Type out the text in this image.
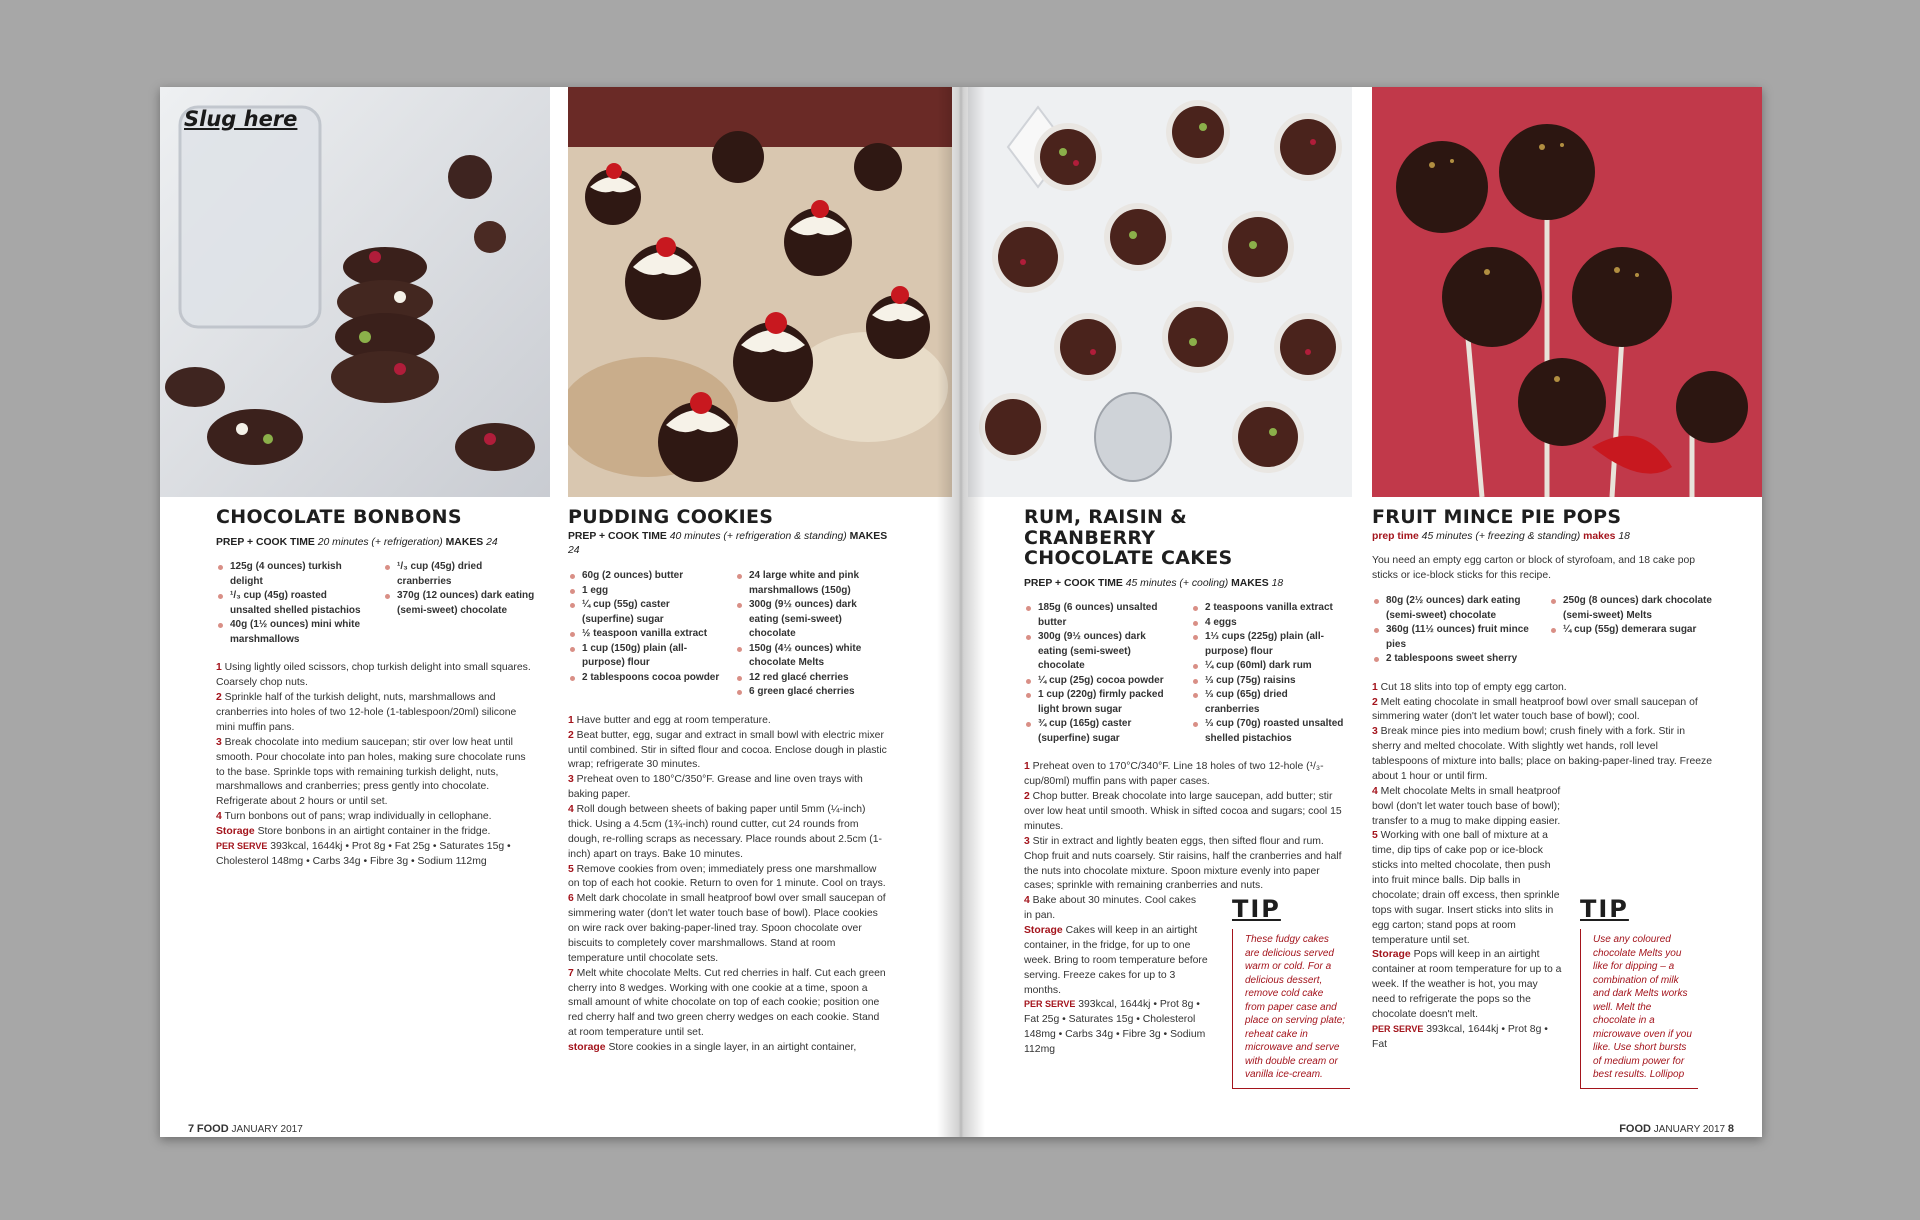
Slug here
CHOCOLATE BONBONS
PREP + COOK TIME 20 minutes (+ refrigeration) MAKES 24
125g (4 ounces) turkish delight
¹/₃ cup (45g) roasted unsalted shelled pistachios
40g (1½ ounces) mini white marshmallows
¹/₃ cup (45g) dried cranberries
370g (12 ounces) dark eating (semi-sweet) chocolate

1 Using lightly oiled scissors, chop turkish delight into small squares. Coarsely chop nuts.

2 Sprinkle half of the turkish delight, nuts, marshmallows and cranberries into holes of two 12-hole (1-tablespoon/20ml) silicone mini muffin pans.

3 Break chocolate into medium saucepan; stir over low heat until smooth. Pour chocolate into pan holes, making sure chocolate runs to the base. Sprinkle tops with remaining turkish delight, nuts, marshmallows and cranberries; press gently into chocolate. Refrigerate about 2 hours or until set.

4 Turn bonbons out of pans; wrap individually in cellophane.

Storage Store bonbons in an airtight container in the fridge.

PER SERVE 393kcal, 1644kj • Prot 8g • Fat 25g • Saturates 15g • Cholesterol 148mg • Carbs 34g • Fibre 3g • Sodium 112mg

PUDDING COOKIES
PREP + COOK TIME 40 minutes (+ refrigeration & standing) MAKES 24
60g (2 ounces) butter
1 egg
¼ cup (55g) caster (superfine) sugar
½ teaspoon vanilla extract
1 cup (150g) plain (all-purpose) flour
2 tablespoons cocoa powder
24 large white and pink marshmallows (150g)
300g (9½ ounces) dark eating (semi-sweet) chocolate
150g (4½ ounces) white chocolate Melts
12 red glacé cherries
6 green glacé cherries

1 Have butter and egg at room temperature.

2 Beat butter, egg, sugar and extract in small bowl with electric mixer until combined. Stir in sifted flour and cocoa. Enclose dough in plastic wrap; refrigerate 30 minutes.

3 Preheat oven to 180°C/350°F. Grease and line oven trays with baking paper.

4 Roll dough between sheets of baking paper until 5mm (¼-inch) thick. Using a 4.5cm (1¾-inch) round cutter, cut 24 rounds from dough, re-rolling scraps as necessary. Place rounds about 2.5cm (1-inch) apart on trays. Bake 10 minutes.

5 Remove cookies from oven; immediately press one marshmallow on top of each hot cookie. Return to oven for 1 minute. Cool on trays.

6 Melt dark chocolate in small heatproof bowl over small saucepan of simmering water (don't let water touch base of bowl). Place cookies on wire rack over baking-paper-lined tray. Spoon chocolate over biscuits to completely cover marshmallows. Stand at room temperature until chocolate sets.

7 Melt white chocolate Melts. Cut red cherries in half. Cut each green cherry into 8 wedges. Working with one cookie at a time, spoon a small amount of white chocolate on top of each cookie; position one red cherry half and two green cherry wedges on each cookie. Stand at room temperature until set.

storage Store cookies in a single layer, in an airtight container,

RUM, RAISIN & CRANBERRY CHOCOLATE CAKES
PREP + COOK TIME 45 minutes (+ cooling) MAKES 18
185g (6 ounces) unsalted butter
300g (9½ ounces) dark eating (semi-sweet) chocolate
¼ cup (25g) cocoa powder
1 cup (220g) firmly packed light brown sugar
¾ cup (165g) caster (superfine) sugar
2 teaspoons vanilla extract
4 eggs
1⅓ cups (225g) plain (all-purpose) flour
¼ cup (60ml) dark rum
⅓ cup (75g) raisins
⅓ cup (65g) dried cranberries
⅓ cup (70g) roasted unsalted shelled pistachios

1 Preheat oven to 170°C/340°F. Line 18 holes of two 12-hole (¹/₃-cup/80ml) muffin pans with paper cases.

2 Chop butter. Break chocolate into large saucepan, add butter; stir over low heat until smooth. Whisk in sifted cocoa and sugars; cool 15 minutes.

3 Stir in extract and lightly beaten eggs, then sifted flour and rum. Chop fruit and nuts coarsely. Stir raisins, half the cranberries and half the nuts into chocolate mixture. Spoon mixture evenly into paper cases; sprinkle with remaining cranberries and nuts.

4 Bake about 30 minutes. Cool cakes in pan.

Storage Cakes will keep in an airtight container, in the fridge, for up to one week. Bring to room temperature before serving. Freeze cakes for up to 3 months.

PER SERVE 393kcal, 1644kj • Prot 8g • Fat 25g • Saturates 15g • Cholesterol 148mg • Carbs 34g • Fibre 3g • Sodium 112mg

TIP
These fudgy cakes are delicious served warm or cold. For a delicious dessert, remove cold cake from paper case and place on serving plate; reheat cake in microwave and serve with double cream or vanilla ice-cream.
FRUIT MINCE PIE POPS
prep time 45 minutes (+ freezing & standing) makes 18

You need an empty egg carton or block of styrofoam, and 18 cake pop sticks or ice-block sticks for this recipe.

80g (2½ ounces) dark eating (semi-sweet) chocolate
360g (11½ ounces) fruit mince pies
2 tablespoons sweet sherry
250g (8 ounces) dark chocolate (semi-sweet) Melts
¼ cup (55g) demerara sugar

1 Cut 18 slits into top of empty egg carton.

2 Melt eating chocolate in small heatproof bowl over small saucepan of simmering water (don't let water touch base of bowl); cool.

3 Break mince pies into medium bowl; crush finely with a fork. Stir in sherry and melted chocolate. With slightly wet hands, roll level tablespoons of mixture into balls; place on baking-paper-lined tray. Freeze about 1 hour or until firm.

4 Melt chocolate Melts in small heatproof bowl (don't let water touch base of bowl); transfer to a mug to make dipping easier.

5 Working with one ball of mixture at a time, dip tips of cake pop or ice-block sticks into melted chocolate, then push into fruit mince balls. Dip balls in chocolate; drain off excess, then sprinkle tops with sugar. Insert sticks into slits in egg carton; stand pops at room temperature until set.

Storage Pops will keep in an airtight container at room temperature for up to a week. If the weather is hot, you may need to refrigerate the pops so the chocolate doesn't melt.

PER SERVE 393kcal, 1644kj • Prot 8g • Fat

TIP
Use any coloured chocolate Melts you like for dipping – a combination of milk and dark Melts works well. Melt the chocolate in a microwave oven if you like. Use short bursts of medium power for best results. Lollipop
7 FOOD JANUARY 2017	FOOD JANUARY 2017 8
